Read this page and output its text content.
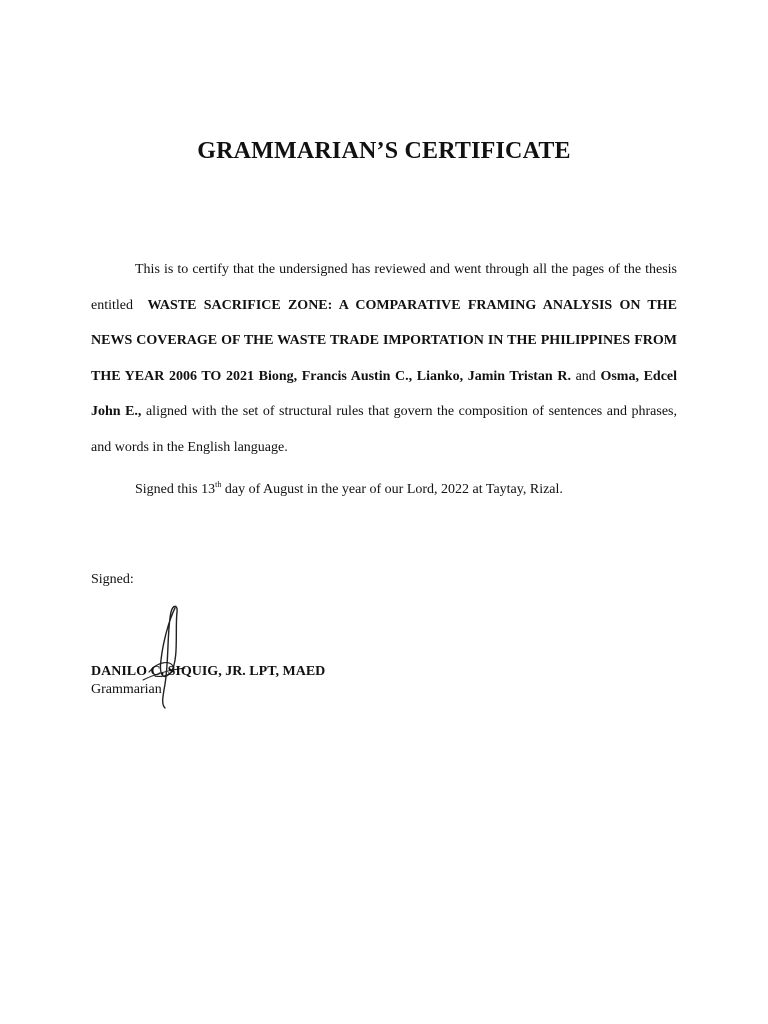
GRAMMARIAN’S CERTIFICATE

This is to certify that the undersigned has reviewed and went through all the pages of the thesis entitled WASTE SACRIFICE ZONE: A COMPARATIVE FRAMING ANALYSIS ON THE NEWS COVERAGE OF THE WASTE TRADE IMPORTATION IN THE PHILIPPINES FROM THE YEAR 2006 TO 2021 Biong, Francis Austin C., Lianko, Jamin Tristan R. and Osma, Edcel John E., aligned with the set of structural rules that govern the composition of sentences and phrases, and words in the English language.

Signed this 13th day of August in the year of our Lord, 2022 at Taytay, Rizal.

Signed:

DANILO C. SIQUIG, JR. LPT, MAED

Grammarian
